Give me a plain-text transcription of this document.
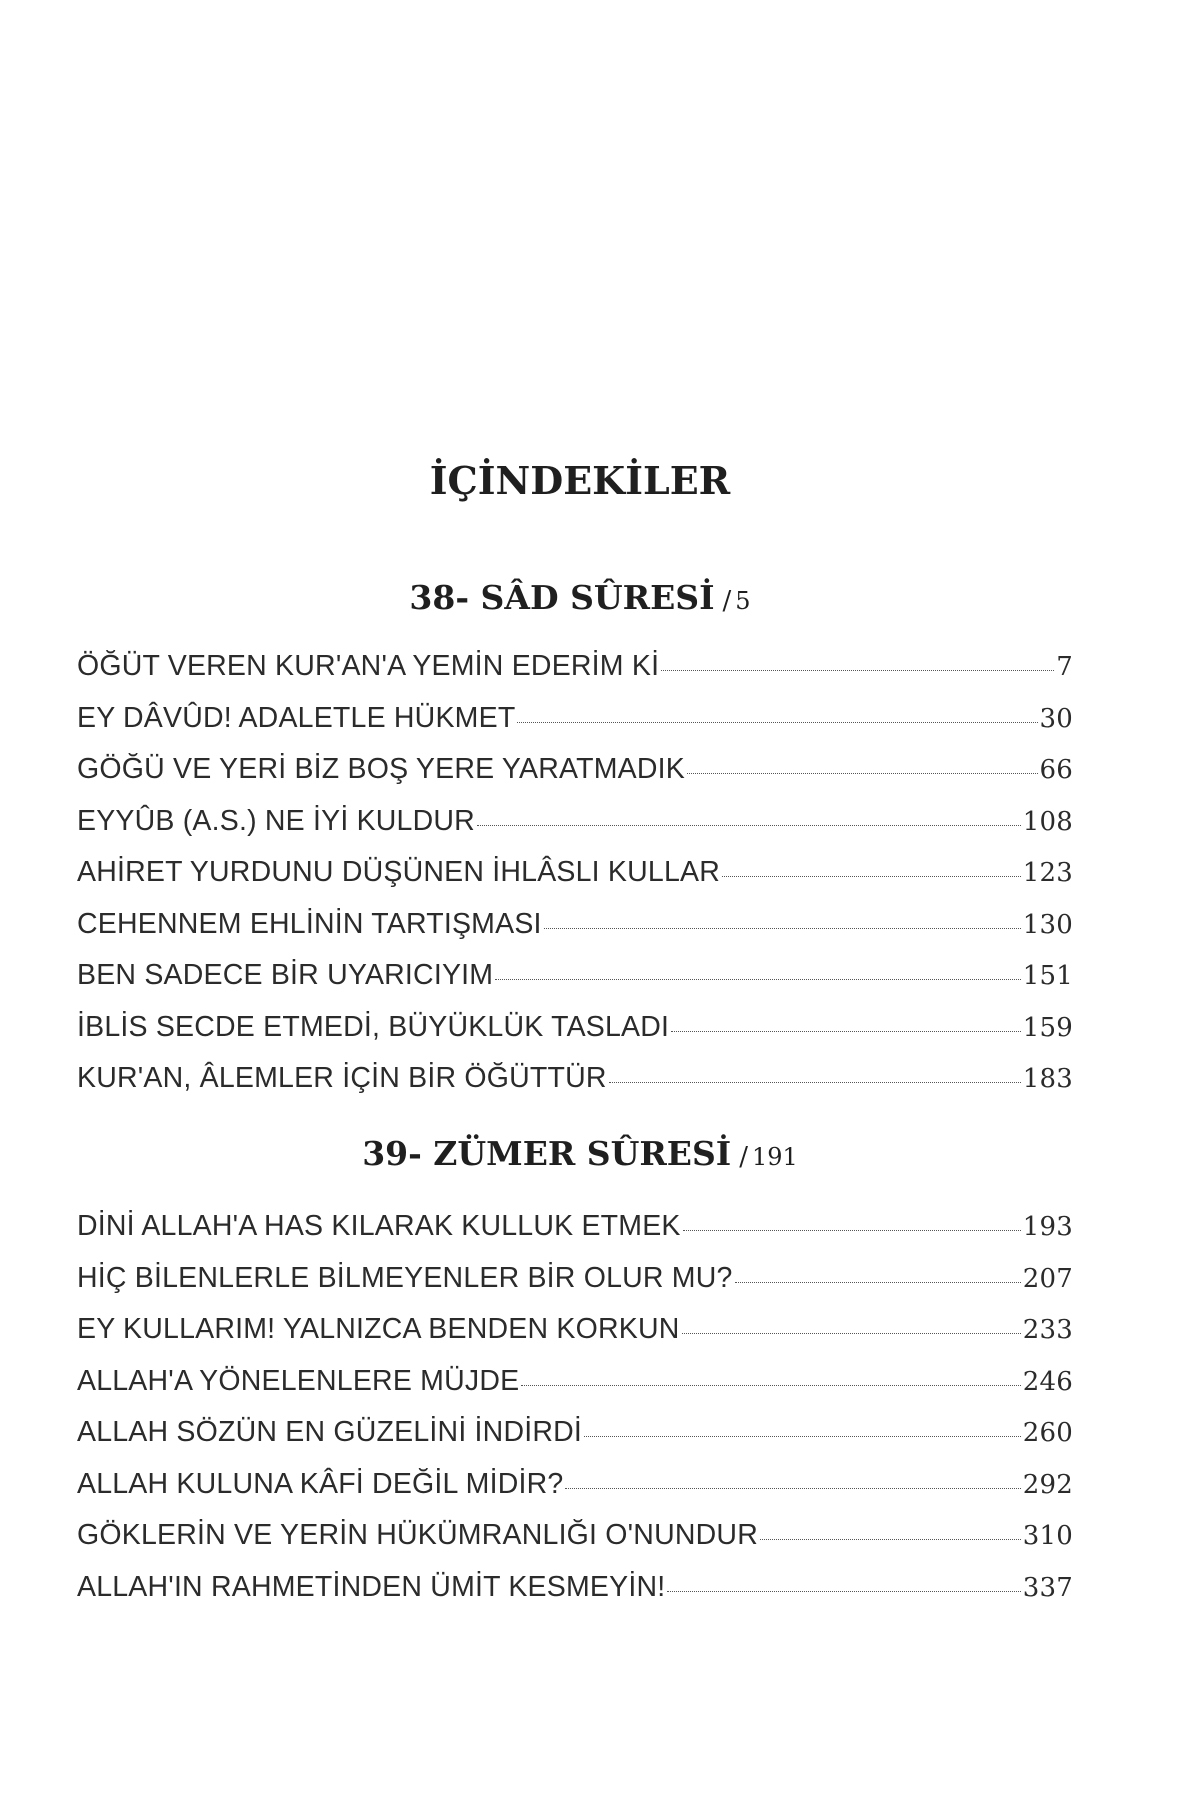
İÇİNDEKİLER
38- SÂD SÛRESİ / 5
ÖĞÜT VEREN KUR'AN'A YEMİN EDERİM Kİ	7
EY DÂVÛD! ADALETLE HÜKMET	30
GÖĞÜ VE YERİ BİZ BOŞ YERE YARATMADIK	66
EYYÛB (A.S.) NE İYİ KULDUR	108
AHİRET YURDUNU DÜŞÜNEN İHLÂSLI KULLAR	123
CEHENNEM EHLİNİN TARTIŞMASI	130
BEN SADECE BİR UYARICIYIM	151
İBLİS SECDE ETMEDİ, BÜYÜKLÜK TASLADI	159
KUR'AN, ÂLEMLER İÇİN BİR ÖĞÜTTÜR	183
39- ZÜMER SÛRESİ / 191
DİNİ ALLAH'A HAS KILARAK KULLUK ETMEK	193
HİÇ BİLENLERLE BİLMEYENLER BİR OLUR MU?	207
EY KULLARIM! YALNIZCA BENDEN KORKUN	233
ALLAH'A YÖNELENLERE MÜJDE	246
ALLAH SÖZÜN EN GÜZELİNİ İNDİRDİ	260
ALLAH KULUNA KÂFİ DEĞİL MİDİR?	292
GÖKLERİN VE YERİN HÜKÜMRANLIĞI O'NUNDUR	310
ALLAH'IN RAHMETİNDEN ÜMİT KESMEYİN!	337
